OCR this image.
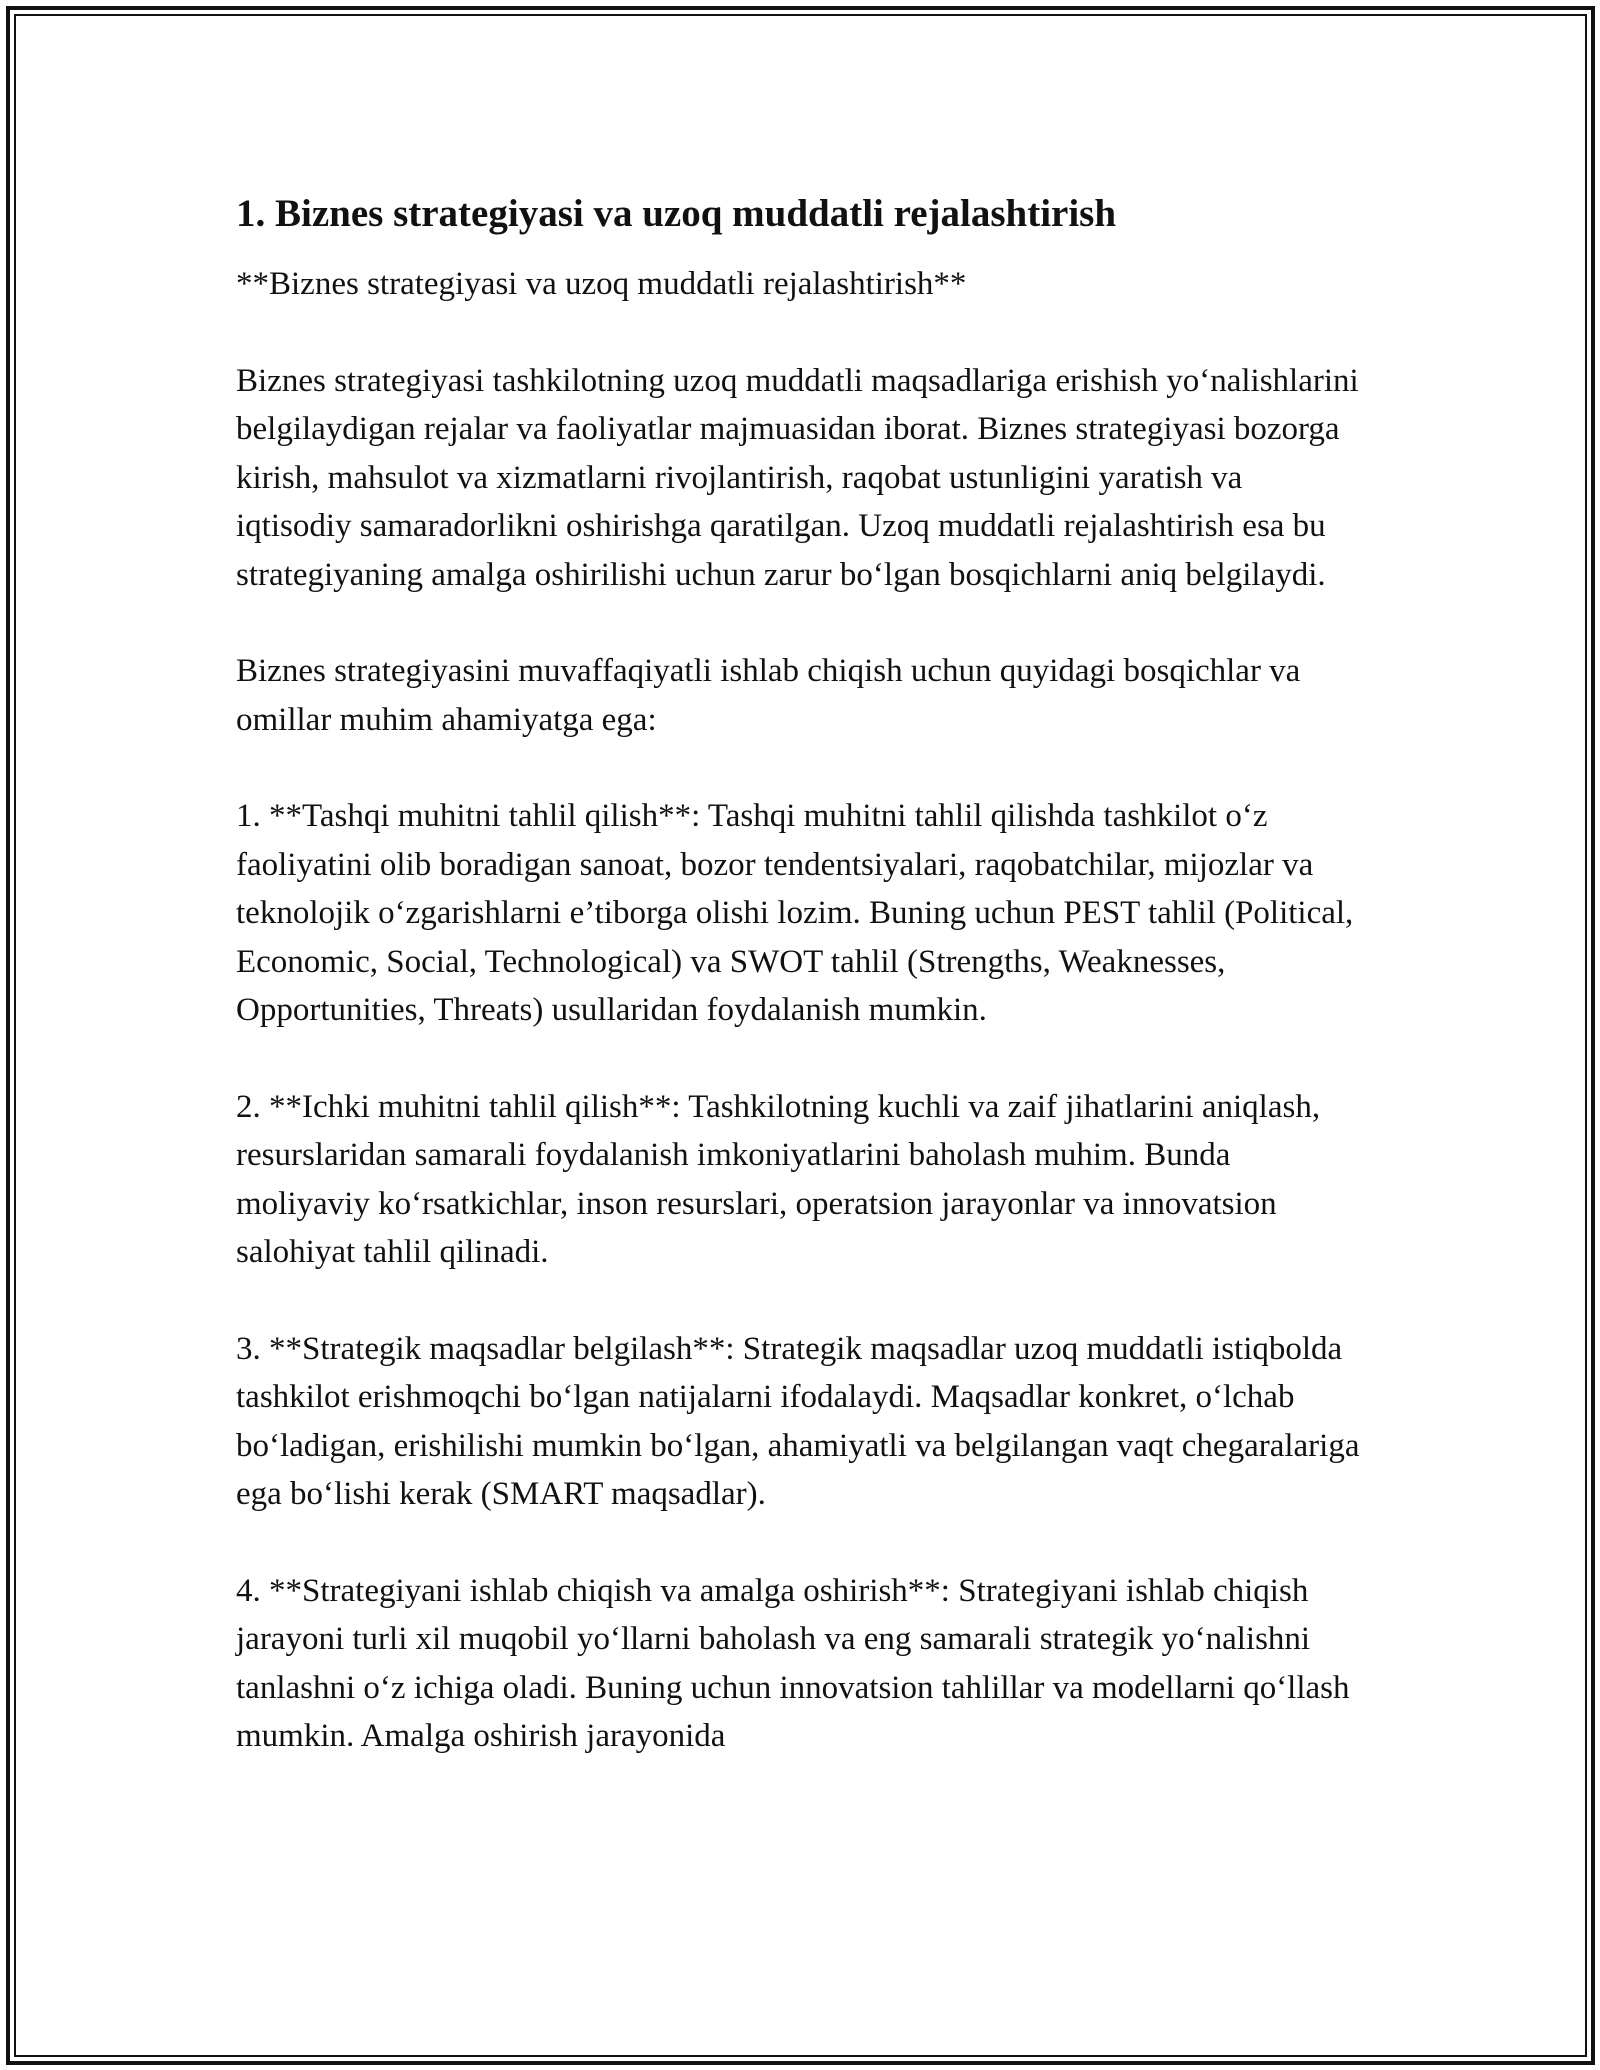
1. Biznes strategiyasi va uzoq muddatli rejalashtirish

**Biznes strategiyasi va uzoq muddatli rejalashtirish**

Biznes strategiyasi tashkilotning uzoq muddatli maqsadlariga erishish yo‘nalishlarini belgilaydigan rejalar va faoliyatlar majmuasidan iborat. Biznes strategiyasi bozorga kirish, mahsulot va xizmatlarni rivojlantirish, raqobat ustunligini yaratish va iqtisodiy samaradorlikni oshirishga qaratilgan. Uzoq muddatli rejalashtirish esa bu strategiyaning amalga oshirilishi uchun zarur bo‘lgan bosqichlarni aniq belgilaydi.

Biznes strategiyasini muvaffaqiyatli ishlab chiqish uchun quyidagi bosqichlar va omillar muhim ahamiyatga ega:

1. **Tashqi muhitni tahlil qilish**: Tashqi muhitni tahlil qilishda tashkilot o‘z faoliyatini olib boradigan sanoat, bozor tendentsiyalari, raqobatchilar, mijozlar va teknolojik o‘zgarishlarni e’tiborga olishi lozim. Buning uchun PEST tahlil (Political, Economic, Social, Technological) va SWOT tahlil (Strengths, Weaknesses, Opportunities, Threats) usullaridan foydalanish mumkin.

2. **Ichki muhitni tahlil qilish**: Tashkilotning kuchli va zaif jihatlarini aniqlash, resurslaridan samarali foydalanish imkoniyatlarini baholash muhim. Bunda moliyaviy ko‘rsatkichlar, inson resurslari, operatsion jarayonlar va innovatsion salohiyat tahlil qilinadi.

3. **Strategik maqsadlar belgilash**: Strategik maqsadlar uzoq muddatli istiqbolda tashkilot erishmoqchi bo‘lgan natijalarni ifodalaydi. Maqsadlar konkret, o‘lchab bo‘ladigan, erishilishi mumkin bo‘lgan, ahamiyatli va belgilangan vaqt chegaralariga ega bo‘lishi kerak (SMART maqsadlar).

4. **Strategiyani ishlab chiqish va amalga oshirish**: Strategiyani ishlab chiqish jarayoni turli xil muqobil yo‘llarni baholash va eng samarali strategik yo‘nalishni tanlashni o‘z ichiga oladi. Buning uchun innovatsion tahlillar va modellarni qo‘llash mumkin. Amalga oshirish jarayonida
